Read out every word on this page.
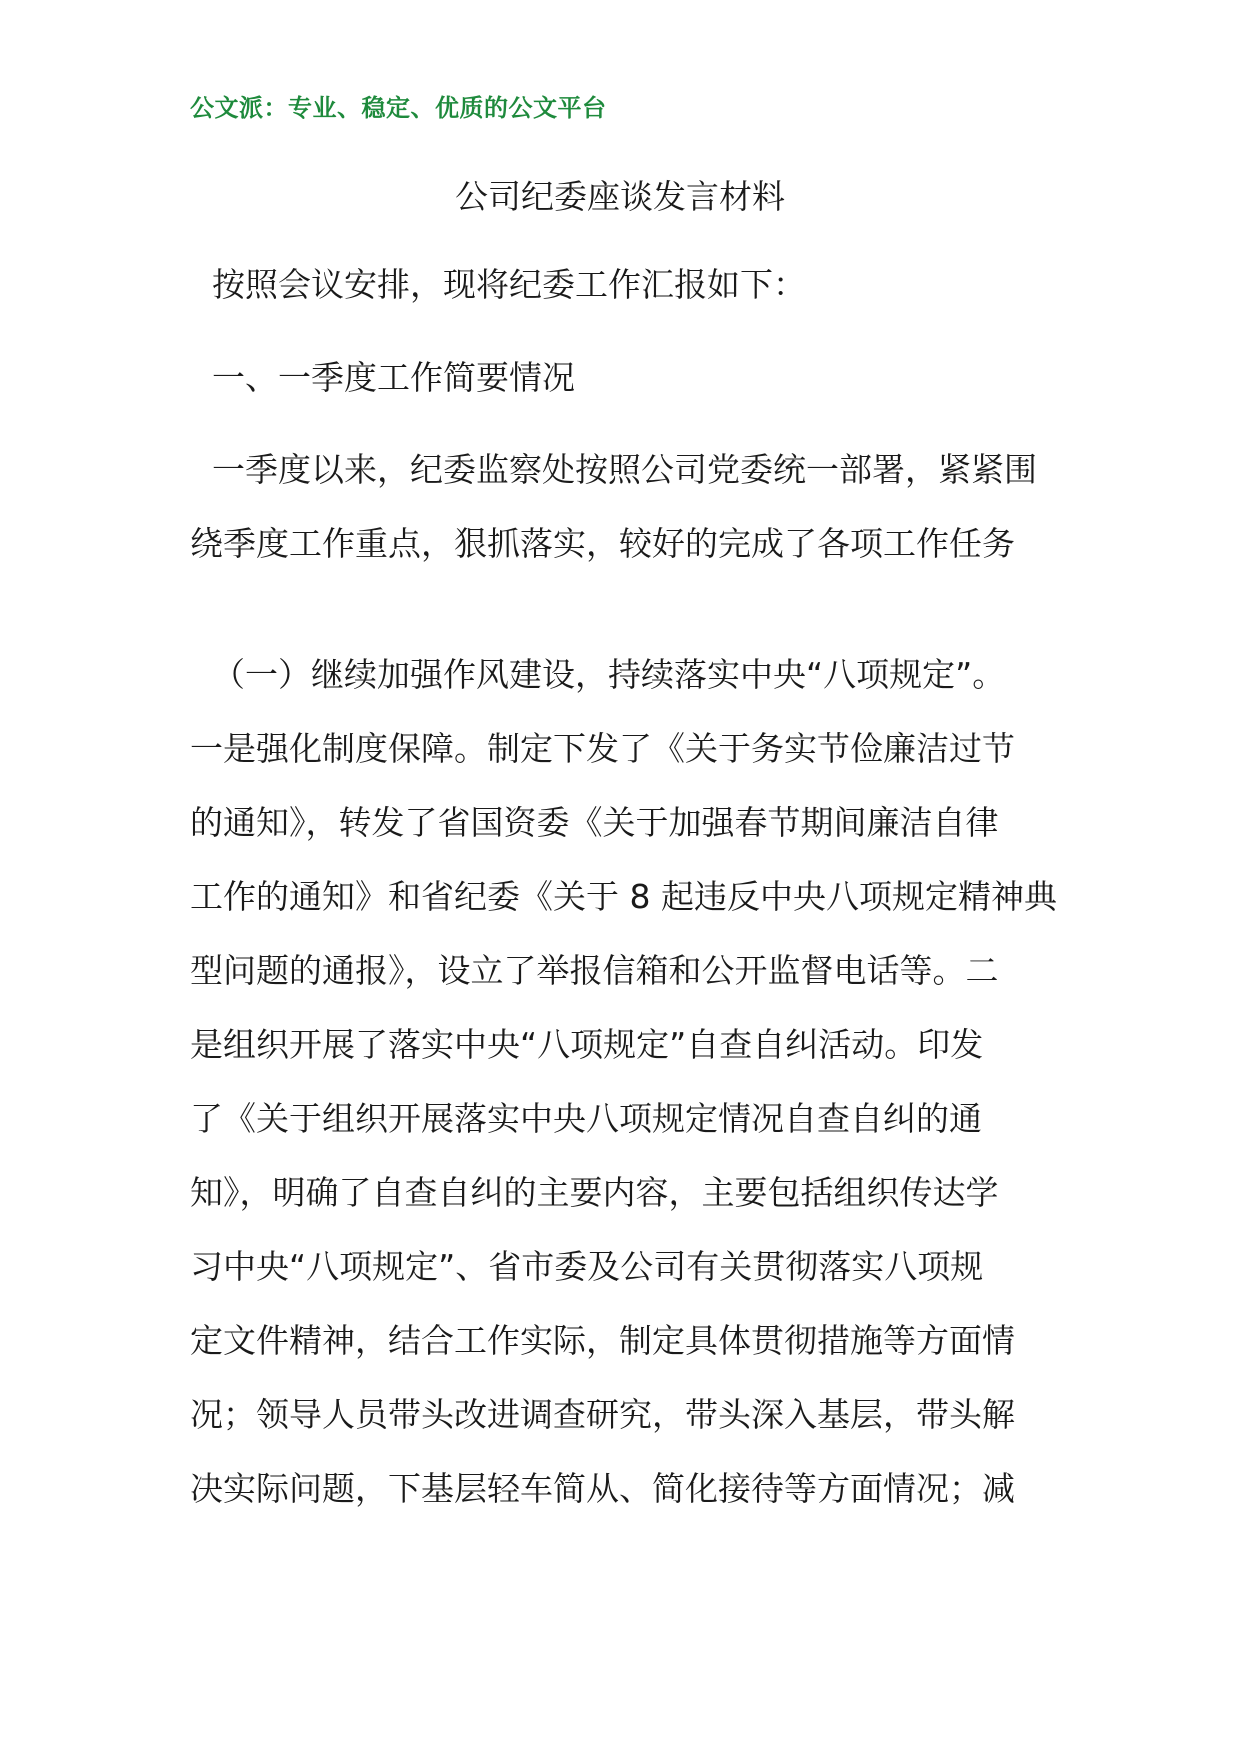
公文派：专业、稳定、优质的公文平台
公司纪委座谈发言材料
按照会议安排，现将纪委工作汇报如下：
一、一季度工作简要情况
一季度以来，纪委监察处按照公司党委统一部署，紧紧围
绕季度工作重点，狠抓落实，较好的完成了各项工作任务
（一）继续加强作风建设，持续落实中央“八项规定”。
一是强化制度保障。制定下发了《关于务实节俭廉洁过节
的通知》，转发了省国资委《关于加强春节期间廉洁自律
工作的通知》和省纪委《关于 8 起违反中央八项规定精神典
型问题的通报》，设立了举报信箱和公开监督电话等。二
是组织开展了落实中央“八项规定”自查自纠活动。印发
了《关于组织开展落实中央八项规定情况自查自纠的通
知》，明确了自查自纠的主要内容，主要包括组织传达学
习中央“八项规定”、省市委及公司有关贯彻落实八项规
定文件精神，结合工作实际，制定具体贯彻措施等方面情
况；领导人员带头改进调查研究，带头深入基层，带头解
决实际问题，下基层轻车简从、简化接待等方面情况；减
